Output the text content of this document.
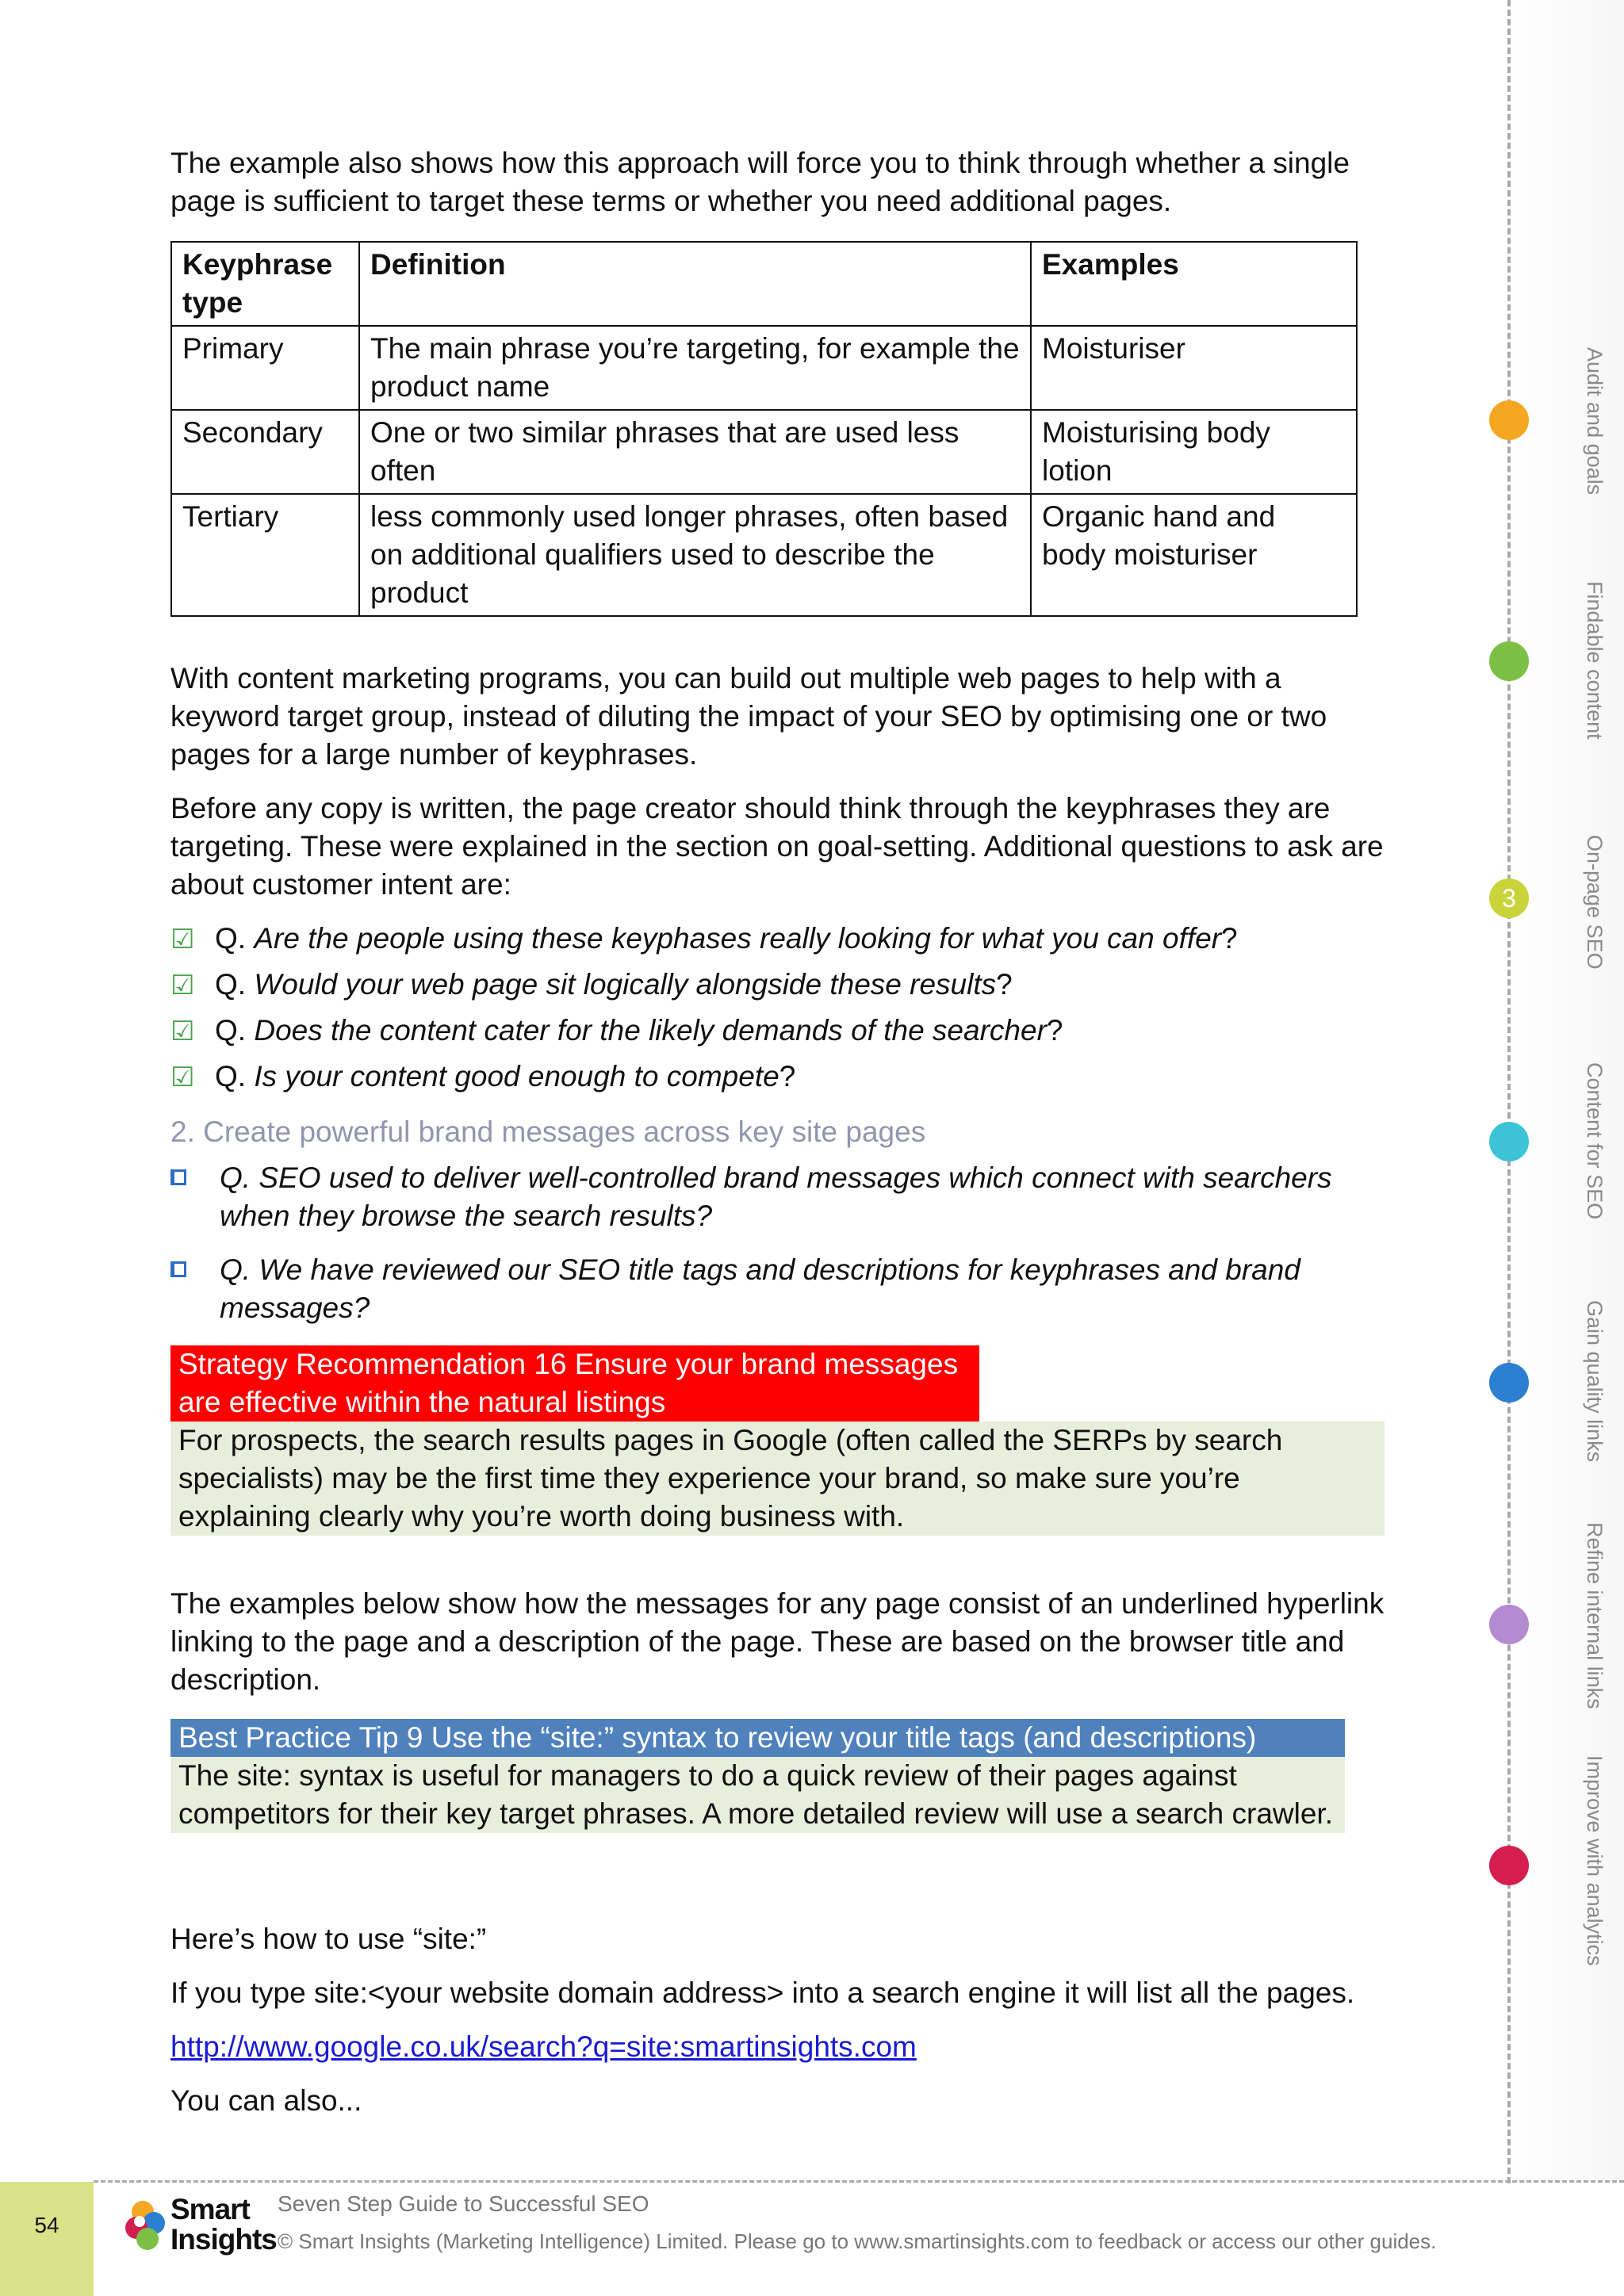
The example also shows how this approach will force you to think through whether a single page is sufficient to target these terms or whether you need additional pages.

Keyphrase type	Definition	Examples
Primary	The main phrase you’re targeting, for example the product name	Moisturiser
Secondary	One or two similar phrases that are used less often	Moisturising body lotion
Tertiary	less commonly used longer phrases, often based on additional qualifiers used to describe the product	Organic hand and body moisturiser

With content marketing programs, you can build out multiple web pages to help with a keyword target group, instead of diluting the impact of your SEO by optimising one or two pages for a large number of keyphrases.

Before any copy is written, the page creator should think through the keyphrases they are targeting. These were explained in the section on goal-setting. Additional questions to ask are about customer intent are:

☑ Q. Are the people using these keyphases really looking for what you can offer?
☑ Q. Would your web page sit logically alongside these results?
☑ Q. Does the content cater for the likely demands of the searcher?
☑ Q. Is your content good enough to compete?
2. Create powerful brand messages across key site pages
Q. SEO used to deliver well-controlled brand messages which connect with searchers when they browse the search results?
Q. We have reviewed our SEO title tags and descriptions for keyphrases and brand messages?
Strategy Recommendation 16 Ensure your brand messages are effective within the natural listings
For prospects, the search results pages in Google (often called the SERPs by search specialists) may be the first time they experience your brand, so make sure you’re explaining clearly why you’re worth doing business with.

The examples below show how the messages for any page consist of an underlined hyperlink linking to the page and a description of the page. These are based on the browser title and description.

Best Practice Tip 9 Use the “site:” syntax to review your title tags (and descriptions)
The site: syntax is useful for managers to do a quick review of their pages against competitors for their key target phrases. A more detailed review will use a search crawler.

Here’s how to use “site:”

If you type site:<your website domain address> into a search engine it will list all the pages.

http://www.google.co.uk/search?q=site:smartinsights.com

You can also...

Audit and goals
Findable content
3	On-page SEO
Content for SEO
Gain quality links
Refine internal links
Improve with analytics
54	Smart
Insights
Seven Step Guide to Successful SEO
© Smart Insights (Marketing Intelligence) Limited. Please go to www.smartinsights.com to feedback or access our other guides.
